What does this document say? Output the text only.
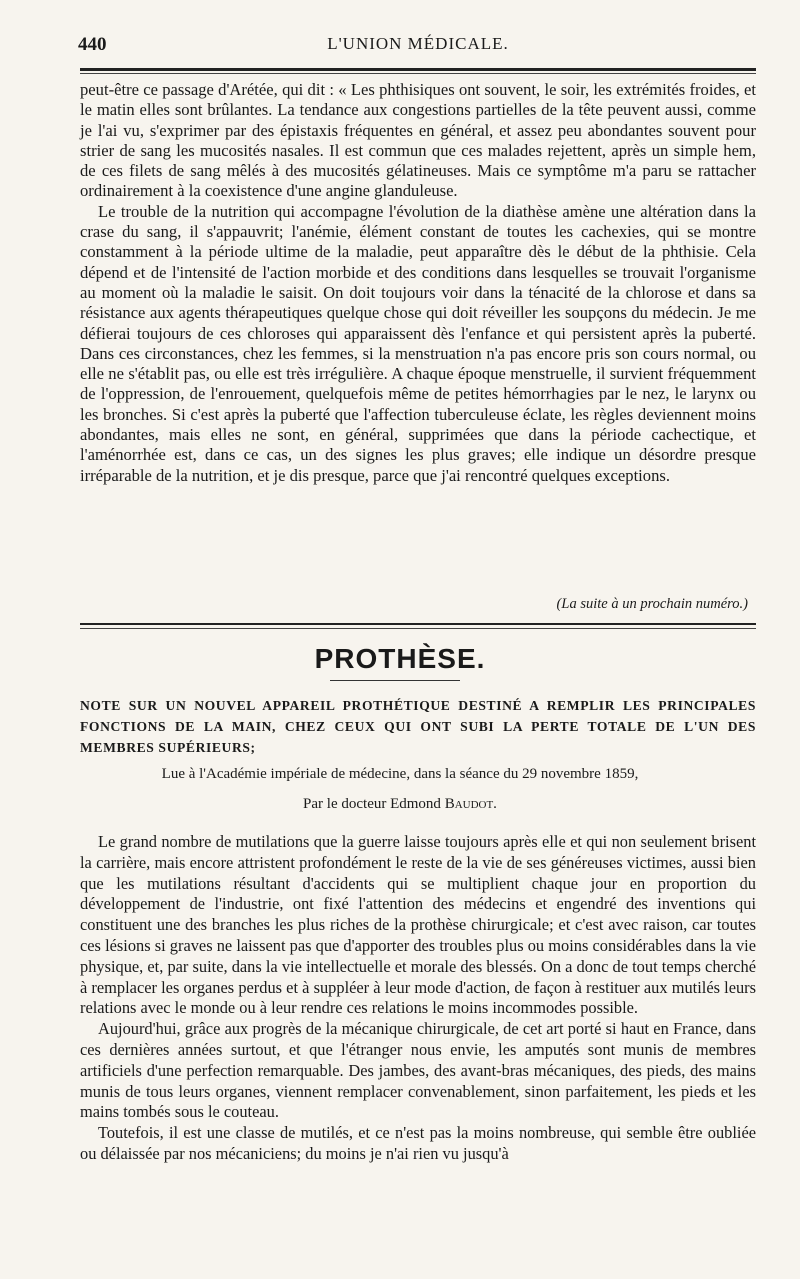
440	L'UNION MÉDICALE.

peut-être ce passage d'Arétée, qui dit : « Les phthisiques ont souvent, le soir, les extrémités froides, et le matin elles sont brûlantes. La tendance aux congestions partielles de la tête peuvent aussi, comme je l'ai vu, s'exprimer par des épistaxis fréquentes en général, et assez peu abondantes souvent pour strier de sang les mucosités nasales. Il est commun que ces malades rejettent, après un simple hem, de ces filets de sang mêlés à des mucosités gélatineuses. Mais ce symptôme m'a paru se rattacher ordinairement à la coexistence d'une angine glanduleuse.

Le trouble de la nutrition qui accompagne l'évolution de la diathèse amène une altération dans la crase du sang, il s'appauvrit; l'anémie, élément constant de toutes les cachexies, qui se montre constamment à la période ultime de la maladie, peut apparaître dès le début de la phthisie. Cela dépend et de l'intensité de l'action morbide et des conditions dans lesquelles se trouvait l'organisme au moment où la maladie le saisit. On doit toujours voir dans la ténacité de la chlorose et dans sa résistance aux agents thérapeutiques quelque chose qui doit réveiller les soupçons du médecin. Je me défierai toujours de ces chloroses qui apparaissent dès l'enfance et qui persistent après la puberté. Dans ces circonstances, chez les femmes, si la menstruation n'a pas encore pris son cours normal, ou elle ne s'établit pas, ou elle est très irrégulière. A chaque époque menstruelle, il survient fréquemment de l'oppression, de l'enrouement, quelquefois même de petites hémorrhagies par le nez, le larynx ou les bronches. Si c'est après la puberté que l'affection tuberculeuse éclate, les règles deviennent moins abondantes, mais elles ne sont, en général, supprimées que dans la période cachectique, et l'aménorrhée est, dans ce cas, un des signes les plus graves; elle indique un désordre presque irréparable de la nutrition, et je dis presque, parce que j'ai rencontré quelques exceptions.

(La suite à un prochain numéro.)
PROTHÈSE.
NOTE SUR UN NOUVEL APPAREIL PROTHÉTIQUE DESTINÉ A REMPLIR LES PRINCIPALES FONCTIONS DE LA MAIN, CHEZ CEUX QUI ONT SUBI LA PERTE TOTALE DE L'UN DES MEMBRES SUPÉRIEURS;
Lue à l'Académie impériale de médecine, dans la séance du 29 novembre 1859,
Par le docteur Edmond Baudot.

Le grand nombre de mutilations que la guerre laisse toujours après elle et qui non seulement brisent la carrière, mais encore attristent profondément le reste de la vie de ses généreuses victimes, aussi bien que les mutilations résultant d'accidents qui se multiplient chaque jour en proportion du développement de l'industrie, ont fixé l'attention des médecins et engendré des inventions qui constituent une des branches les plus riches de la prothèse chirurgicale; et c'est avec raison, car toutes ces lésions si graves ne laissent pas que d'apporter des troubles plus ou moins considérables dans la vie physique, et, par suite, dans la vie intellectuelle et morale des blessés. On a donc de tout temps cherché à remplacer les organes perdus et à suppléer à leur mode d'action, de façon à restituer aux mutilés leurs relations avec le monde ou à leur rendre ces relations le moins incommodes possible.

Aujourd'hui, grâce aux progrès de la mécanique chirurgicale, de cet art porté si haut en France, dans ces dernières années surtout, et que l'étranger nous envie, les amputés sont munis de membres artificiels d'une perfection remarquable. Des jambes, des avant-bras mécaniques, des pieds, des mains munis de tous leurs organes, viennent remplacer convenablement, sinon parfaitement, les pieds et les mains tombés sous le couteau.

Toutefois, il est une classe de mutilés, et ce n'est pas la moins nombreuse, qui semble être oubliée ou délaissée par nos mécaniciens; du moins je n'ai rien vu jusqu'à
